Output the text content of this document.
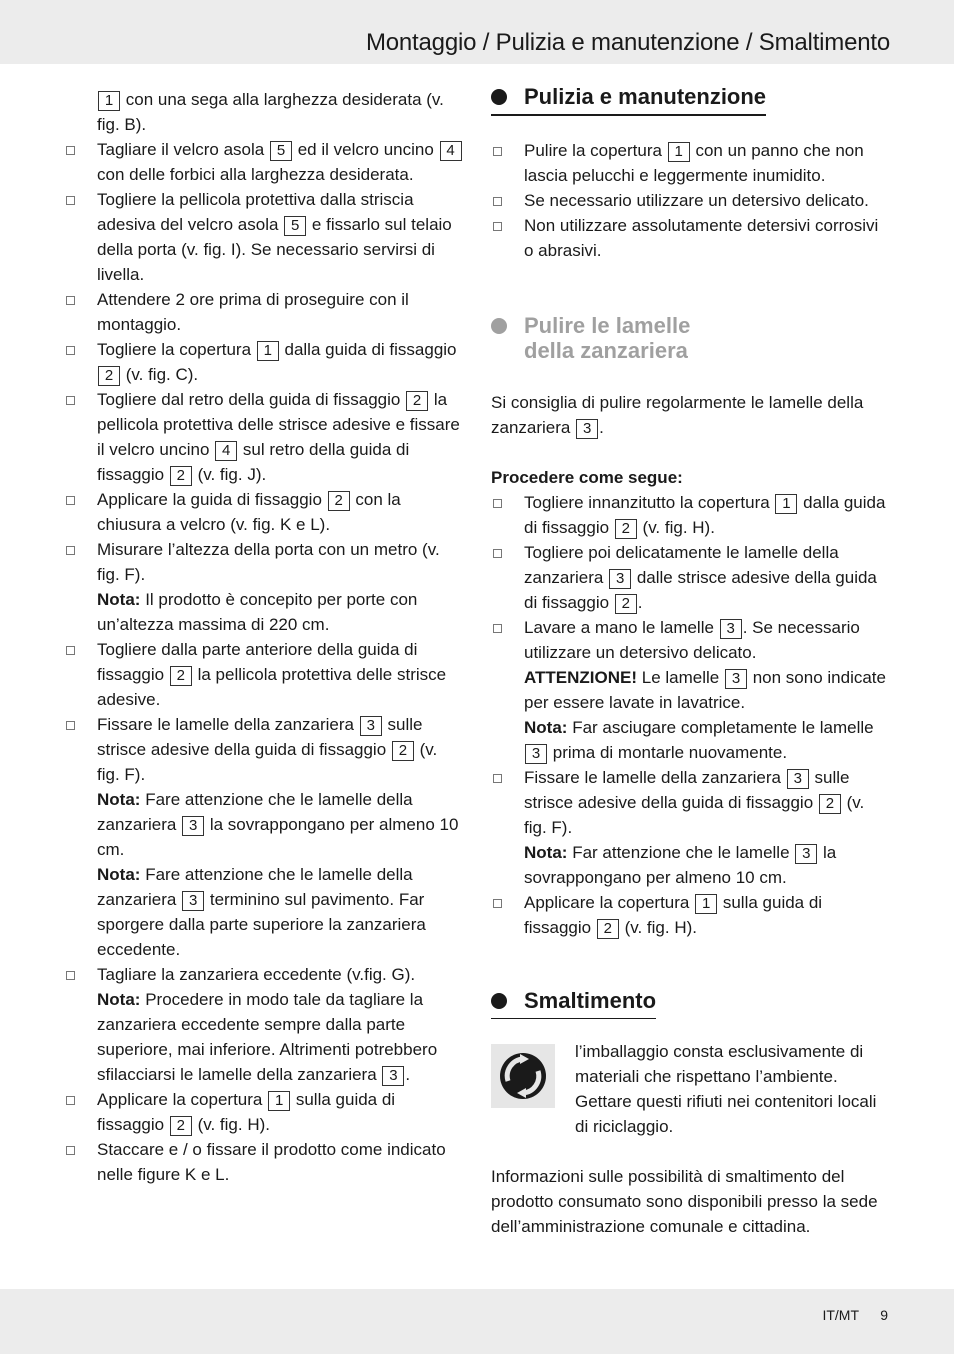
Montaggio / Pulizia e manutenzione / Smaltimento
1 con una sega alla larghezza desiderata (v. fig. B).
Tagliare il velcro asola 5 ed il velcro uncino 4 con delle forbici alla larghezza desiderata.
Togliere la pellicola protettiva dalla striscia adesiva del velcro asola 5 e fissarlo sul telaio della porta (v. fig. I). Se necessario servirsi di livella.
Attendere 2 ore prima di proseguire con il montaggio.
Togliere la copertura 1 dalla guida di fissaggio 2 (v. fig. C).
Togliere dal retro della guida di fissaggio 2 la pellicola protettiva delle strisce adesive e fissare il velcro uncino 4 sul retro della guida di fissaggio 2 (v. fig. J).
Applicare la guida di fissaggio 2 con la chiusura a velcro (v. fig. K e L).
Misurare l’altezza della porta con un metro (v. fig. F).
Nota: Il prodotto è concepito per porte con un’altezza massima di 220 cm.
Togliere dalla parte anteriore della guida di fissaggio 2 la pellicola protettiva delle strisce adesive.
Fissare le lamelle della zanzariera 3 sulle strisce adesive della guida di fissaggio 2 (v. fig. F).
Nota: Fare attenzione che le lamelle della zanzariera 3 la sovrappongano per almeno 10 cm.
Nota: Fare attenzione che le lamelle della zanzariera 3 terminino sul pavimento. Far sporgere dalla parte superiore la zanzariera eccedente.
Tagliare la zanzariera eccedente (v.fig. G).
Nota: Procedere in modo tale da tagliare la zanzariera eccedente sempre dalla parte superiore, mai inferiore. Altrimenti potrebbero sfilacciarsi le lamelle della zanzariera 3 .
Applicare la copertura 1 sulla guida di fissaggio 2 (v. fig. H).
Staccare e / o fissare il prodotto come indicato nelle figure K e L.
Pulizia e manutenzione
Pulire la copertura 1 con un panno che non lascia pelucchi e leggermente inumidito.
Se necessario utilizzare un detersivo delicato.
Non utilizzare assolutamente detersivi corrosivi o abrasivi.
Pulire le lamelle
della zanzariera
Si consiglia di pulire regolarmente le lamelle della zanzariera 3 .
Procedere come segue:
Togliere innanzitutto la copertura 1 dalla guida di fissaggio 2 (v. fig. H).
Togliere poi delicatamente le lamelle della zanzariera 3 dalle strisce adesive della guida di fissaggio 2 .
Lavare a mano le lamelle 3 . Se necessario utilizzare un detersivo delicato.
ATTENZIONE! Le lamelle 3 non sono indicate per essere lavate in lavatrice.
Nota: Far asciugare completamente le lamelle 3 prima di montarle nuovamente.
Fissare le lamelle della zanzariera 3 sulle strisce adesive della guida di fissaggio 2 (v. fig. F).
Nota: Far attenzione che le lamelle 3 la sovrappongano per almeno 10 cm.
Applicare la copertura 1 sulla guida di fissaggio 2 (v. fig. H).
Smaltimento
l’imballaggio consta esclusivamente di materiali che rispettano l’ambiente. Gettare questi rifiuti nei contenitori locali di riciclaggio.
Informazioni sulle possibilità di smaltimento del prodotto consumato sono disponibili presso la sede dell’amministrazione comunale e cittadina.
IT/MT 9
